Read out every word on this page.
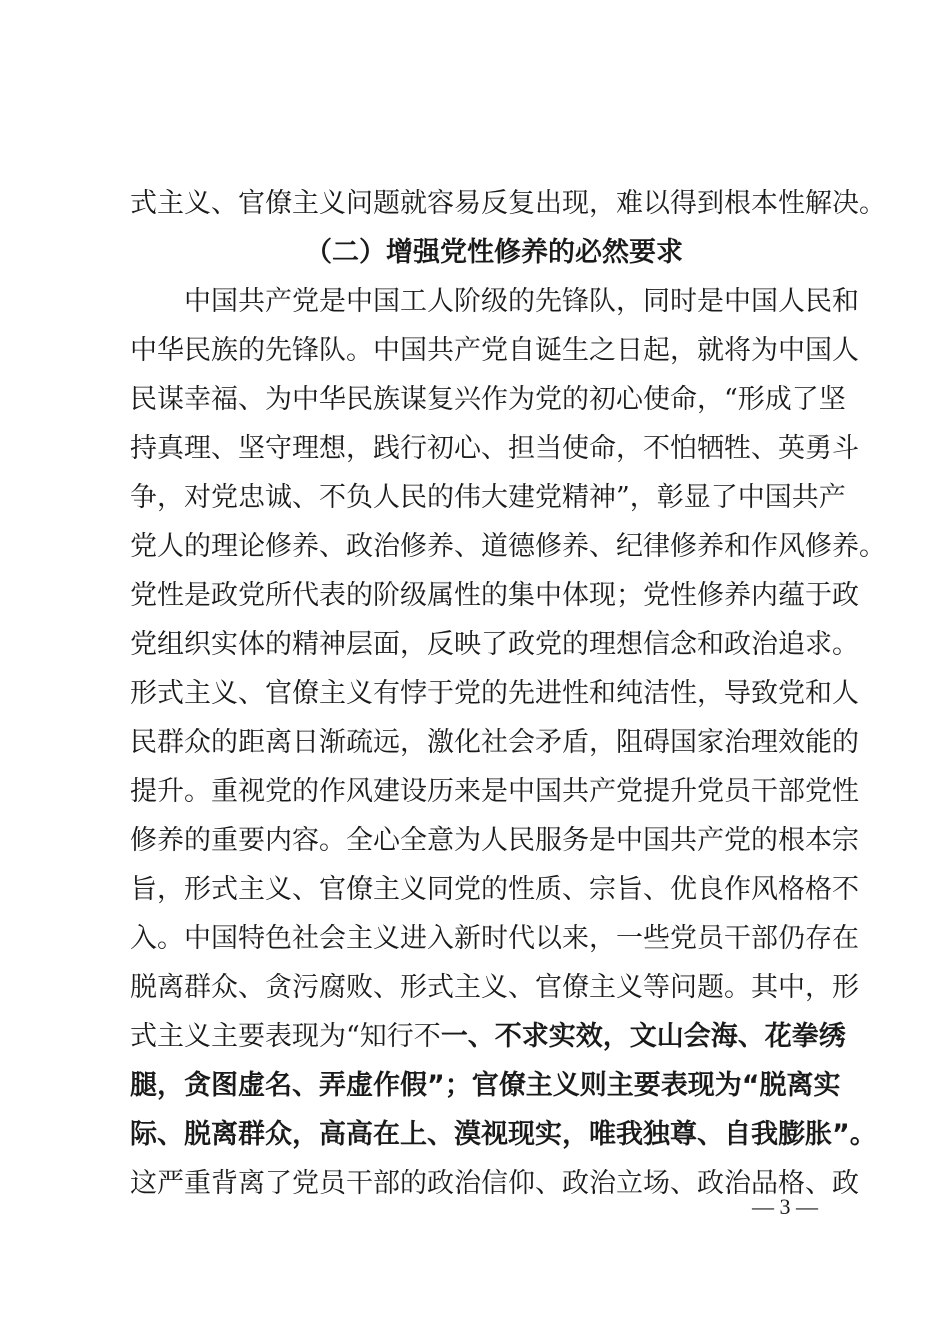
式主义、官僚主义问题就容易反复出现，难以得到根本性解决。
（二）增强党性修养的必然要求
中国共产党是中国工人阶级的先锋队，同时是中国人民和
中华民族的先锋队。中国共产党自诞生之日起，就将为中国人
民谋幸福、为中华民族谋复兴作为党的初心使命，“形成了坚
持真理、坚守理想，践行初心、担当使命，不怕牺牲、英勇斗
争，对党忠诚、不负人民的伟大建党精神”，彰显了中国共产
党人的理论修养、政治修养、道德修养、纪律修养和作风修养。
党性是政党所代表的阶级属性的集中体现；党性修养内蕴于政
党组织实体的精神层面，反映了政党的理想信念和政治追求。
形式主义、官僚主义有悖于党的先进性和纯洁性，导致党和人
民群众的距离日渐疏远，激化社会矛盾，阻碍国家治理效能的
提升。重视党的作风建设历来是中国共产党提升党员干部党性
修养的重要内容。全心全意为人民服务是中国共产党的根本宗
旨，形式主义、官僚主义同党的性质、宗旨、优良作风格格不
入。中国特色社会主义进入新时代以来，一些党员干部仍存在
脱离群众、贪污腐败、形式主义、官僚主义等问题。其中，形
式主义主要表现为“知行不一、不求实效，文山会海、花拳绣
腿，贪图虚名、弄虚作假”；官僚主义则主要表现为“脱离实
际、脱离群众，高高在上、漠视现实，唯我独尊、自我膨胀”。
这严重背离了党员干部的政治信仰、政治立场、政治品格、政
— 3 —
